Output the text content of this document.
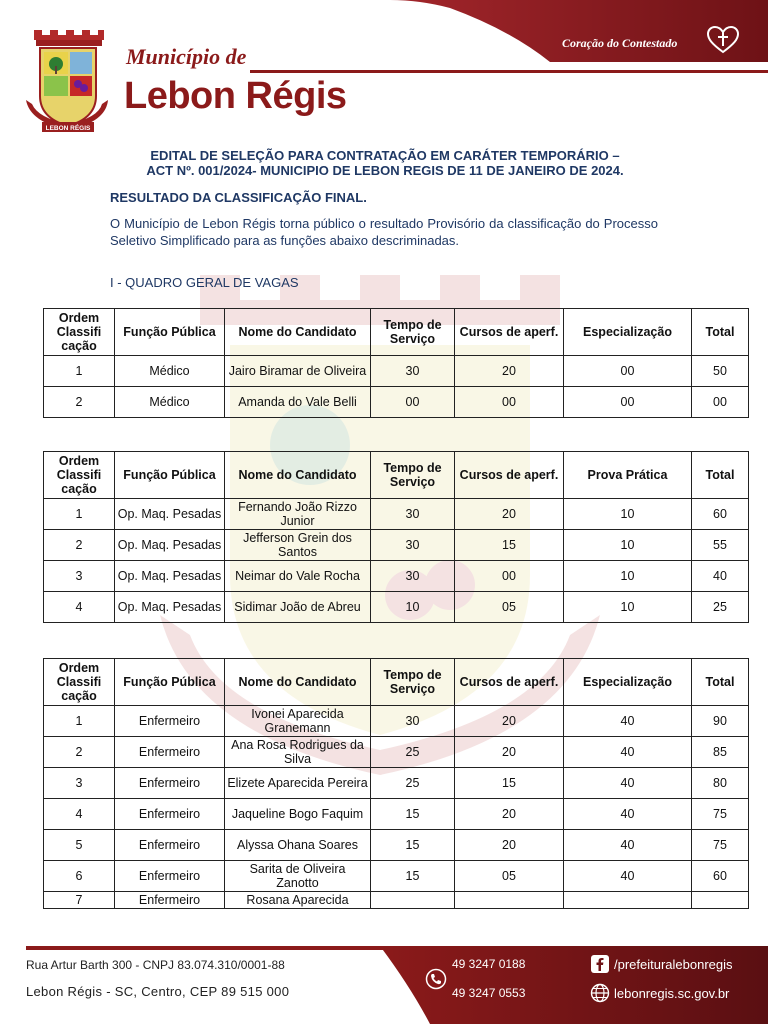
Coração do Contestado
LEBON RÉGIS
Município de
Lebon Régis
EDITAL DE SELEÇÃO PARA CONTRATAÇÃO EM CARÁTER TEMPORÁRIO –
ACT Nº. 001/2024- MUNICIPIO DE LEBON REGIS DE 11 DE JANEIRO DE 2024.
RESULTADO DA CLASSIFICAÇÃO FINAL.
O Município de Lebon Régis torna público o resultado Provisório da classificação do Processo Seletivo Simplificado para as funções abaixo descriminadas.
I - QUADRO GERAL DE VAGAS
Ordem Classifi cação	Função Pública	Nome do Candidato	Tempo de Serviço	Cursos de aperf.	Especialização	Total
1	Médico	Jairo Biramar de Oliveira	30	20	00	50
2	Médico	Amanda do Vale Belli	00	00	00	00
Ordem Classifi cação	Função Pública	Nome do Candidato	Tempo de Serviço	Cursos de aperf.	Prova Prática	Total
1	Op. Maq. Pesadas	Fernando João Rizzo Junior	30	20	10	60
2	Op. Maq. Pesadas	Jefferson Grein dos Santos	30	15	10	55
3	Op. Maq. Pesadas	Neimar do Vale Rocha	30	00	10	40
4	Op. Maq. Pesadas	Sidimar João de Abreu	10	05	10	25
Ordem Classifi cação	Função Pública	Nome do Candidato	Tempo de Serviço	Cursos de aperf.	Especialização	Total
1	Enfermeiro	Ivonei Aparecida Granemann	30	20	40	90
2	Enfermeiro	Ana Rosa Rodrigues da Silva	25	20	40	85
3	Enfermeiro	Elizete Aparecida Pereira	25	15	40	80
4	Enfermeiro	Jaqueline Bogo Faquim	15	20	40	75
5	Enfermeiro	Alyssa Ohana Soares	15	20	40	75
6	Enfermeiro	Sarita de Oliveira Zanotto	15	05	40	60
7	Enfermeiro	Rosana Aparecida				
Rua Artur Barth 300 - CNPJ 83.074.310/0001-88
Lebon Régis - SC, Centro, CEP 89 515 000
49 3247 0188
49 3247 0553
/prefeituralebonregis
lebonregis.sc.gov.br
